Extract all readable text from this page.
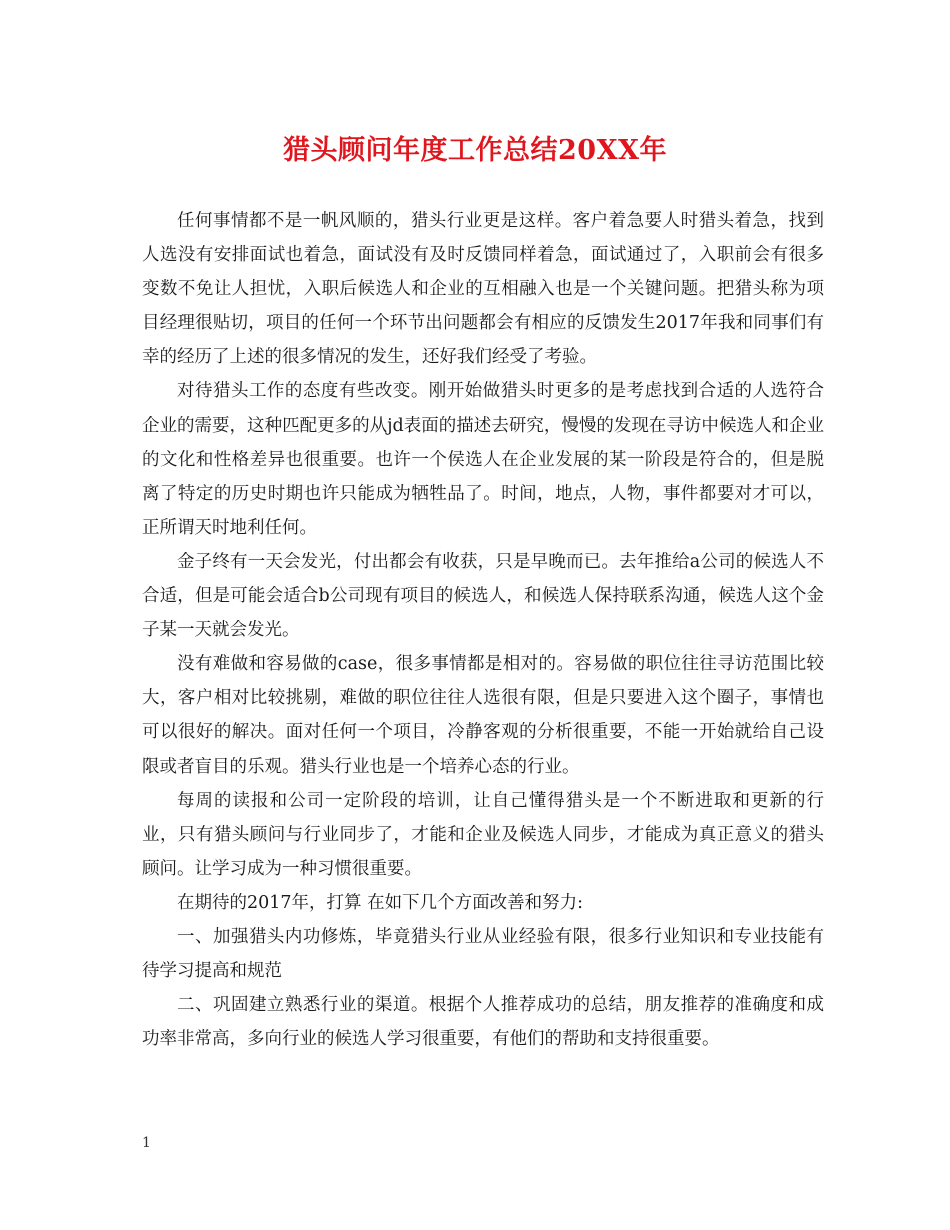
猎头顾问年度工作总结20XX年

任何事情都不是一帆风顺的，猎头行业更是这样。客户着急要人时猎头着急，找到人选没有安排面试也着急，面试没有及时反馈同样着急，面试通过了，入职前会有很多变数不免让人担忧，入职后候选人和企业的互相融入也是一个关键问题。把猎头称为项目经理很贴切，项目的任何一个环节出问题都会有相应的反馈发生2017年我和同事们有幸的经历了上述的很多情况的发生，还好我们经受了考验。

对待猎头工作的态度有些改变。刚开始做猎头时更多的是考虑找到合适的人选符合企业的需要，这种匹配更多的从jd表面的描述去研究，慢慢的发现在寻访中候选人和企业的文化和性格差异也很重要。也许一个侯选人在企业发展的某一阶段是符合的，但是脱离了特定的历史时期也许只能成为牺牲品了。时间，地点，人物，事件都要对才可以，正所谓天时地利任何。

金子终有一天会发光，付出都会有收获，只是早晚而已。去年推给a公司的候选人不合适，但是可能会适合b公司现有项目的候选人，和候选人保持联系沟通，候选人这个金子某一天就会发光。

没有难做和容易做的case，很多事情都是相对的。容易做的职位往往寻访范围比较大，客户相对比较挑剔，难做的职位往往人选很有限，但是只要进入这个圈子，事情也可以很好的解决。面对任何一个项目，冷静客观的分析很重要，不能一开始就给自己设限或者盲目的乐观。猎头行业也是一个培养心态的行业。

每周的读报和公司一定阶段的培训，让自己懂得猎头是一个不断进取和更新的行业，只有猎头顾问与行业同步了，才能和企业及候选人同步，才能成为真正意义的猎头顾问。让学习成为一种习惯很重要。

在期待的2017年，打算 在如下几个方面改善和努力:

一、加强猎头内功修炼，毕竟猎头行业从业经验有限，很多行业知识和专业技能有待学习提高和规范

二、巩固建立熟悉行业的渠道。根据个人推荐成功的总结，朋友推荐的准确度和成功率非常高，多向行业的候选人学习很重要，有他们的帮助和支持很重要。

1
